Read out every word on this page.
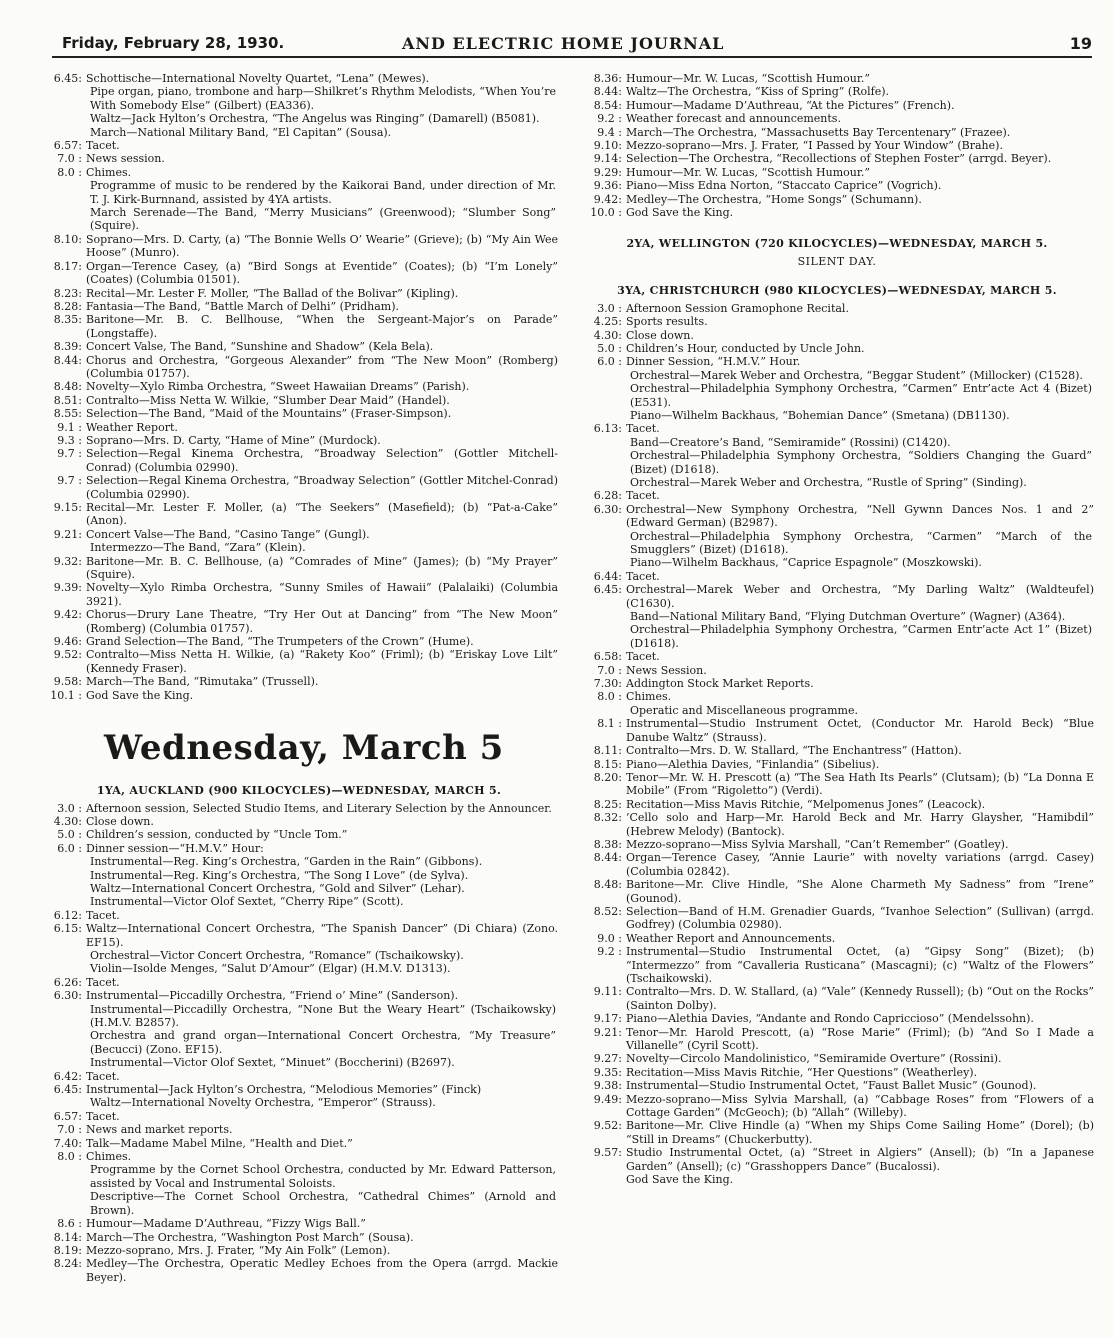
Friday, February 28, 1930.	AND ELECTRIC HOME JOURNAL	19
6.45: Schottische—International Novelty Quartet, “Lena” (Mewes).
Pipe organ, piano, trombone and harp—Shilkret’s Rhythm Melodists, “When You’re With Somebody Else” (Gilbert) (EA336).
Waltz—Jack Hylton’s Orchestra, “The Angelus was Ringing” (Damarell) (B5081).
March—National Military Band, “El Capitan” (Sousa).
6.57: Tacet.
7.0 : News session.
8.0 : Chimes.
Programme of music to be rendered by the Kaikorai Band, under direction of Mr. T. J. Kirk-Burnnand, assisted by 4YA artists.
March Serenade—The Band, “Merry Musicians” (Greenwood); “Slumber Song” (Squire).
8.10: Soprano—Mrs. D. Carty, (a) “The Bonnie Wells O’ Wearie” (Grieve); (b) “My Ain Wee Hoose” (Munro).
8.17: Organ—Terence Casey, (a) “Bird Songs at Eventide” (Coates); (b) “I’m Lonely” (Coates) (Columbia 01501).
8.23: Recital—Mr. Lester F. Moller, “The Ballad of the Bolivar” (Kipling).
8.28: Fantasia—The Band, “Battle March of Delhi” (Pridham).
8.35: Baritone—Mr. B. C. Bellhouse, “When the Sergeant-Major’s on Parade” (Longstaffe).
8.39: Concert Valse, The Band, “Sunshine and Shadow” (Kela Bela).
8.44: Chorus and Orchestra, “Gorgeous Alexander” from “The New Moon” (Romberg) (Columbia 01757).
8.48: Novelty—Xylo Rimba Orchestra, “Sweet Hawaiian Dreams” (Parish).
8.51: Contralto—Miss Netta W. Wilkie, “Slumber Dear Maid” (Handel).
8.55: Selection—The Band, “Maid of the Mountains” (Fraser-Simpson).
9.1 : Weather Report.
9.3 : Soprano—Mrs. D. Carty, “Hame of Mine” (Murdock).
9.7 : Selection—Regal Kinema Orchestra, “Broadway Selection” (Gottler Mitchell-Conrad) (Columbia 02990).
9.7 : Selection—Regal Kinema Orchestra, “Broadway Selection” (Gottler Mitchel-Conrad) (Columbia 02990).
9.15: Recital—Mr. Lester F. Moller, (a) “The Seekers” (Masefield); (b) “Pat-a-Cake” (Anon).
9.21: Concert Valse—The Band, “Casino Tange” (Gungl).
Intermezzo—The Band, “Zara” (Klein).
9.32: Baritone—Mr. B. C. Bellhouse, (a) “Comrades of Mine” (James); (b) “My Prayer” (Squire).
9.39: Novelty—Xylo Rimba Orchestra, “Sunny Smiles of Hawaii” (Palalaiki) (Columbia 3921).
9.42: Chorus—Drury Lane Theatre, “Try Her Out at Dancing” from “The New Moon” (Romberg) (Columbia 01757).
9.46: Grand Selection—The Band, “The Trumpeters of the Crown” (Hume).
9.52: Contralto—Miss Netta H. Wilkie, (a) “Rakety Koo” (Friml); (b) “Eriskay Love Lilt” (Kennedy Fraser).
9.58: March—The Band, “Rimutaka” (Trussell).
10.1 : God Save the King.
Wednesday, March 5
1YA, AUCKLAND (900 KILOCYCLES)—WEDNESDAY, MARCH 5.
3.0 : Afternoon session, Selected Studio Items, and Literary Selection by the Announcer.
4.30: Close down.
5.0 : Children’s session, conducted by “Uncle Tom.”
6.0 : Dinner session—“H.M.V.” Hour:
Instrumental—Reg. King’s Orchestra, “Garden in the Rain” (Gibbons).
Instrumental—Reg. King’s Orchestra, “The Song I Love” (de Sylva).
Waltz—International Concert Orchestra, “Gold and Silver” (Lehar).
Instrumental—Victor Olof Sextet, “Cherry Ripe” (Scott).
6.12: Tacet.
6.15: Waltz—International Concert Orchestra, “The Spanish Dancer” (Di Chiara) (Zono. EF15).
Orchestral—Victor Concert Orchestra, “Romance” (Tschaikowsky).
Violin—Isolde Menges, “Salut D’Amour” (Elgar) (H.M.V. D1313).
6.26: Tacet.
6.30: Instrumental—Piccadilly Orchestra, “Friend o’ Mine” (Sanderson).
Instrumental—Piccadilly Orchestra, “None But the Weary Heart” (Tschaikowsky) (H.M.V. B2857).
Orchestra and grand organ—International Concert Orchestra, “My Treasure” (Becucci) (Zono. EF15).
Instrumental—Victor Olof Sextet, “Minuet” (Boccherini) (B2697).
6.42: Tacet.
6.45: Instrumental—Jack Hylton’s Orchestra, “Melodious Memories” (Finck)
Waltz—International Novelty Orchestra, “Emperor” (Strauss).
6.57: Tacet.
7.0 : News and market reports.
7.40: Talk—Madame Mabel Milne, “Health and Diet.”
8.0 : Chimes.
Programme by the Cornet School Orchestra, conducted by Mr. Edward Patterson, assisted by Vocal and Instrumental Soloists.
Descriptive—The Cornet School Orchestra, “Cathedral Chimes” (Arnold and Brown).
8.6 : Humour—Madame D’Authreau, “Fizzy Wigs Ball.”
8.14: March—The Orchestra, “Washington Post March” (Sousa).
8.19: Mezzo-soprano, Mrs. J. Frater, “My Ain Folk” (Lemon).
8.24: Medley—The Orchestra, Operatic Medley Echoes from the Opera (arrgd. Mackie Beyer).
8.36: Humour—Mr. W. Lucas, “Scottish Humour.”
8.44: Waltz—The Orchestra, “Kiss of Spring” (Rolfe).
8.54: Humour—Madame D’Authreau, “At the Pictures” (French).
9.2 : Weather forecast and announcements.
9.4 : March—The Orchestra, “Massachusetts Bay Tercentenary” (Frazee).
9.10: Mezzo-soprano—Mrs. J. Frater, “I Passed by Your Window” (Brahe).
9.14: Selection—The Orchestra, “Recollections of Stephen Foster” (arrgd. Beyer).
9.29: Humour—Mr. W. Lucas, “Scottish Humour.”
9.36: Piano—Miss Edna Norton, “Staccato Caprice” (Vogrich).
9.42: Medley—The Orchestra, “Home Songs” (Schumann).
10.0 : God Save the King.
2YA, WELLINGTON (720 KILOCYCLES)—WEDNESDAY, MARCH 5.
SILENT DAY.
3YA, CHRISTCHURCH (980 KILOCYCLES)—WEDNESDAY, MARCH 5.
3.0 : Afternoon Session Gramophone Recital.
4.25: Sports results.
4.30: Close down.
5.0 : Children’s Hour, conducted by Uncle John.
6.0 : Dinner Session, “H.M.V.” Hour.
Orchestral—Marek Weber and Orchestra, “Beggar Student” (Millocker) (C1528).
Orchestral—Philadelphia Symphony Orchestra, “Carmen” Entr’acte Act 4 (Bizet) (E531).
Piano—Wilhelm Backhaus, “Bohemian Dance” (Smetana) (DB1130).
6.13: Tacet.
Band—Creatore’s Band, “Semiramide” (Rossini) (C1420).
Orchestral—Philadelphia Symphony Orchestra, “Soldiers Changing the Guard” (Bizet) (D1618).
Orchestral—Marek Weber and Orchestra, “Rustle of Spring” (Sinding).
6.28: Tacet.
6.30: Orchestral—New Symphony Orchestra, “Nell Gywnn Dances Nos. 1 and 2” (Edward German) (B2987).
Orchestral—Philadelphia Symphony Orchestra, “Carmen” “March of the Smugglers” (Bizet) (D1618).
Piano—Wilhelm Backhaus, “Caprice Espagnole” (Moszkowski).
6.44: Tacet.
6.45: Orchestral—Marek Weber and Orchestra, “My Darling Waltz” (Waldteufel) (C1630).
Band—National Military Band, “Flying Dutchman Overture” (Wagner) (A364).
Orchestral—Philadelphia Symphony Orchestra, “Carmen Entr’acte Act 1” (Bizet) (D1618).
6.58: Tacet.
7.0 : News Session.
7.30: Addington Stock Market Reports.
8.0 : Chimes.
Operatic and Miscellaneous programme.
8.1 : Instrumental—Studio Instrument Octet, (Conductor Mr. Harold Beck) “Blue Danube Waltz” (Strauss).
8.11: Contralto—Mrs. D. W. Stallard, “The Enchantress” (Hatton).
8.15: Piano—Alethia Davies, “Finlandia” (Sibelius).
8.20: Tenor—Mr. W. H. Prescott (a) “The Sea Hath Its Pearls” (Clutsam); (b) “La Donna E Mobile” (From “Rigoletto”) (Verdi).
8.25: Recitation—Miss Mavis Ritchie, “Melpomenus Jones” (Leacock).
8.32: ’Cello solo and Harp—Mr. Harold Beck and Mr. Harry Glaysher, “Hamibdil” (Hebrew Melody) (Bantock).
8.38: Mezzo-soprano—Miss Sylvia Marshall, “Can’t Remember” (Goatley).
8.44: Organ—Terence Casey, “Annie Laurie” with novelty variations (arrgd. Casey) (Columbia 02842).
8.48: Baritone—Mr. Clive Hindle, “She Alone Charmeth My Sadness” from “Irene” (Gounod).
8.52: Selection—Band of H.M. Grenadier Guards, “Ivanhoe Selection” (Sullivan) (arrgd. Godfrey) (Columbia 02980).
9.0 : Weather Report and Announcements.
9.2 : Instrumental—Studio Instrumental Octet, (a) “Gipsy Song” (Bizet); (b) “Intermezzo” from “Cavalleria Rusticana” (Mascagni); (c) “Waltz of the Flowers” (Tschaikowski).
9.11: Contralto—Mrs. D. W. Stallard, (a) “Vale” (Kennedy Russell); (b) “Out on the Rocks” (Sainton Dolby).
9.17: Piano—Alethia Davies, “Andante and Rondo Capriccioso” (Mendelssohn).
9.21: Tenor—Mr. Harold Prescott, (a) “Rose Marie” (Friml); (b) “And So I Made a Villanelle” (Cyril Scott).
9.27: Novelty—Circolo Mandolinistico, “Semiramide Overture” (Rossini).
9.35: Recitation—Miss Mavis Ritchie, “Her Questions” (Weatherley).
9.38: Instrumental—Studio Instrumental Octet, “Faust Ballet Music” (Gounod).
9.49: Mezzo-soprano—Miss Sylvia Marshall, (a) “Cabbage Roses” from “Flowers of a Cottage Garden” (McGeoch); (b) “Allah” (Willeby).
9.52: Baritone—Mr. Clive Hindle (a) “When my Ships Come Sailing Home” (Dorel); (b) “Still in Dreams” (Chuckerbutty).
9.57: Studio Instrumental Octet, (a) “Street in Algiers” (Ansell); (b) “In a Japanese Garden” (Ansell); (c) “Grasshoppers Dance” (Bucalossi).
God Save the King.
